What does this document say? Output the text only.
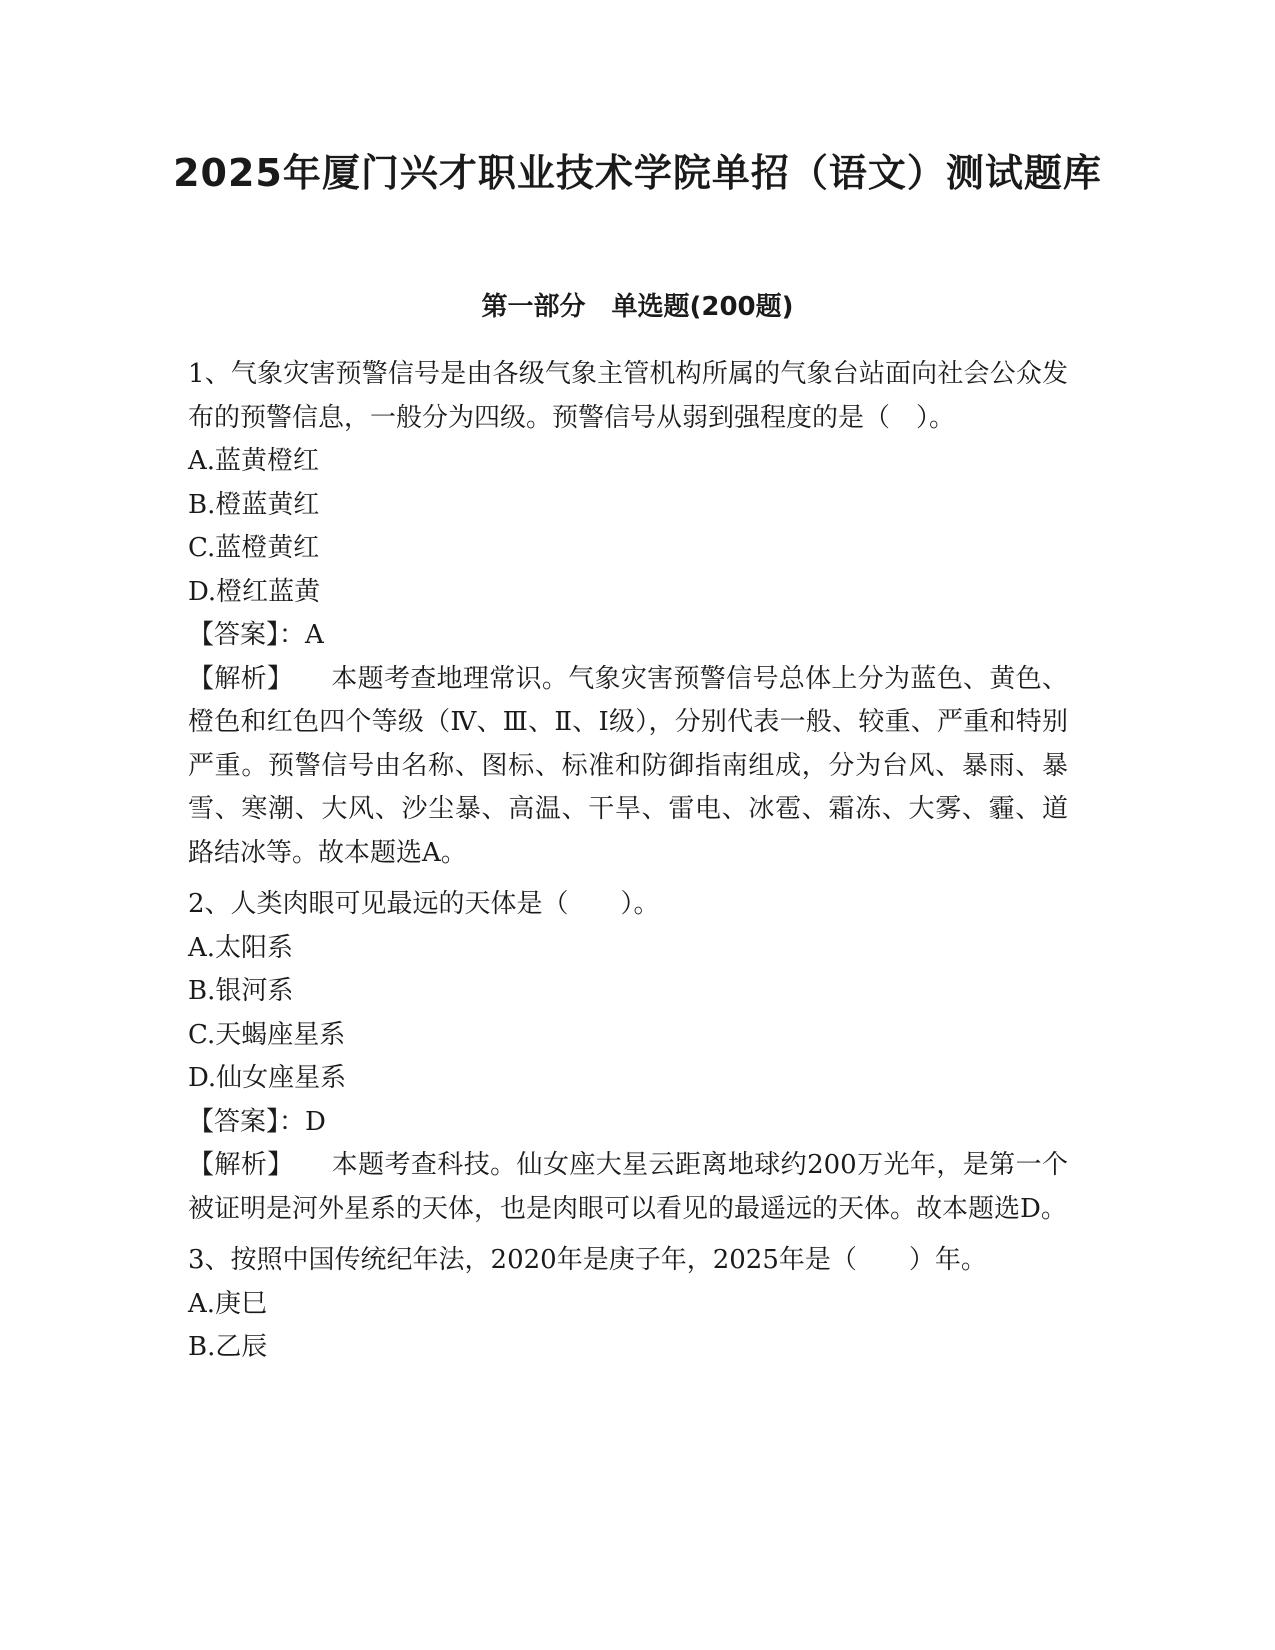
2025年厦门兴才职业技术学院单招（语文）测试题库
第一部分　单选题(200题)

1、气象灾害预警信号是由各级气象主管机构所属的气象台站面向社会公众发布的预警信息，一般分为四级。预警信号从弱到强程度的是（　）。

A.蓝黄橙红

B.橙蓝黄红

C.蓝橙黄红

D.橙红蓝黄

【答案】：A

【解析】 本题考查地理常识。气象灾害预警信号总体上分为蓝色、黄色、橙色和红色四个等级（Ⅳ、Ⅲ、Ⅱ、Ⅰ级），分别代表一般、较重、严重和特别严重。预警信号由名称、图标、标准和防御指南组成，分为台风、暴雨、暴雪、寒潮、大风、沙尘暴、高温、干旱、雷电、冰雹、霜冻、大雾、霾、道路结冰等。故本题选A。

2、人类肉眼可见最远的天体是（　　）。

A.太阳系

B.银河系

C.天蝎座星系

D.仙女座星系

【答案】：D

【解析】 本题考查科技。仙女座大星云距离地球约200万光年，是第一个被证明是河外星系的天体，也是肉眼可以看见的最遥远的天体。故本题选D。

3、按照中国传统纪年法，2020年是庚子年，2025年是（　　）年。

A.庚巳

B.乙辰
